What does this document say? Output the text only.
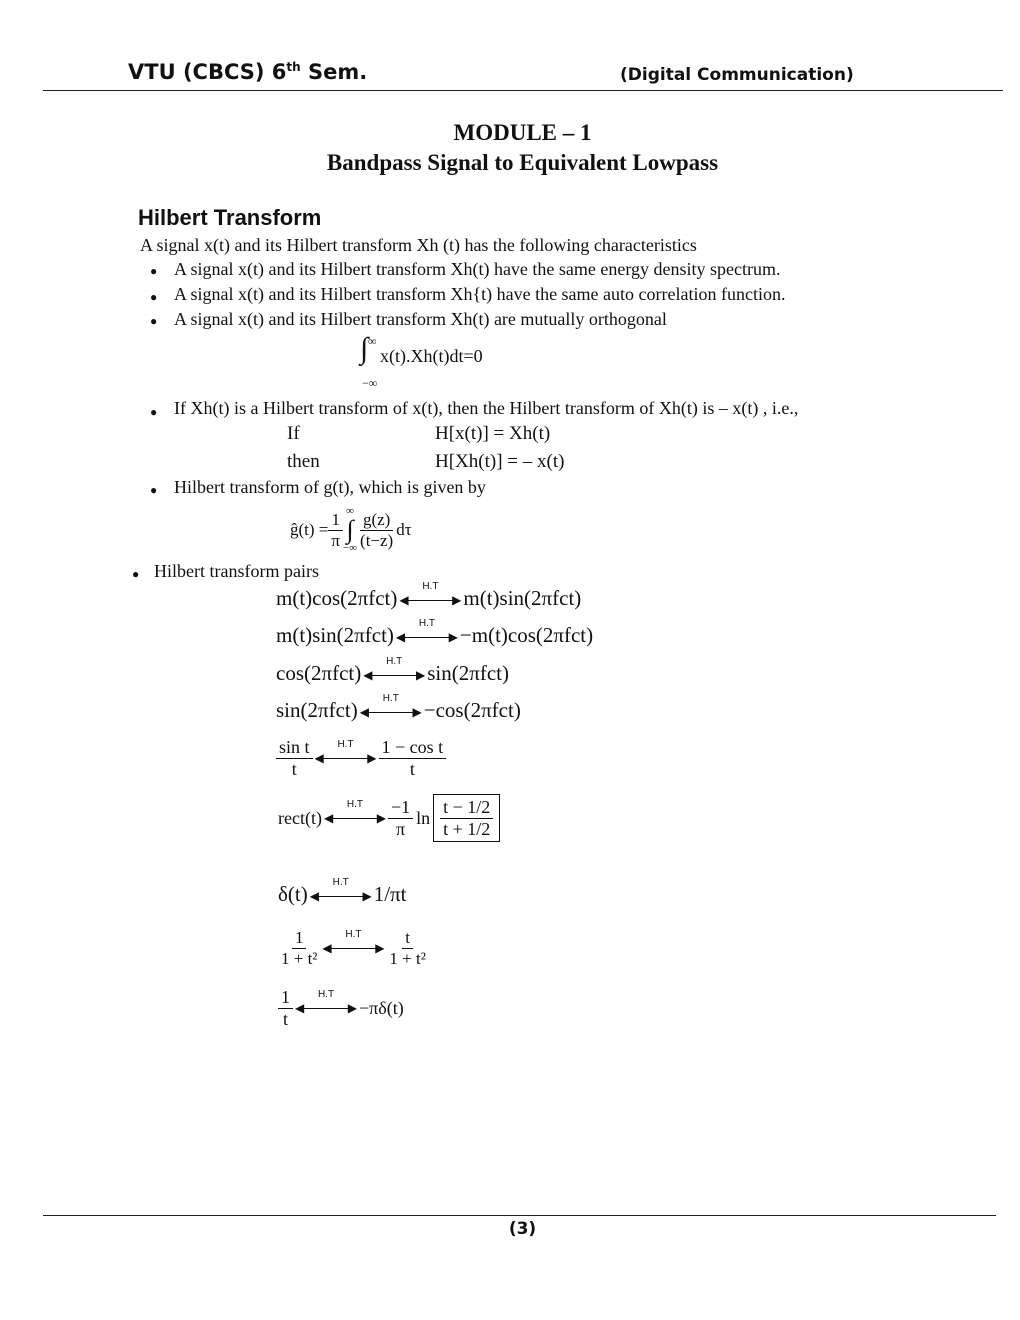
VTU (CBCS) 6th Sem.	(Digital Communication)
MODULE – 1
Bandpass Signal to Equivalent Lowpass
Hilbert Transform
A signal x(t) and its Hilbert transform Xh (t) has the following characteristics
● A signal x(t) and its Hilbert transform Xh(t) have the same energy density spectrum.
● A signal x(t) and its Hilbert transform Xh{t) have the same auto correlation function.
● A signal x(t) and its Hilbert transform Xh(t) are mutually orthogonal
∫ ∞
−∞
x(t).Xh(t)dt=0
● If Xh(t) is a Hilbert transform of x(t), then the Hilbert transform of Xh(t) is – x(t) , i.e.,
If	H[x(t)] = Xh(t)
then	H[Xh(t)] = – x(t)
● Hilbert transform of g(t), which is given by
ĝ(t) = $\frac{1}{\pi}$ ∞
∫
−∞ $\frac{g(z)}{(t-z)}$ dτ
● Hilbert transform pairs
m(t)cos(2πfct) ◀	▶
H.T	m(t)sin(2πfct)
m(t)sin(2πfct) ◀	▶
H.T	−m(t)cos(2πfct)
cos(2πfct) ◀	▶
H.T	sin(2πfct)
sin(2πfct) ◀	▶
H.T	−cos(2πfct)
$\frac{\text{sin t}}{t}$ ◀	▶
H.T	$\frac{\text{1 − cos t}}{t}$
rect(t) ◀	▶
H.T	$\frac{-1}{\pi}$ $\ln \frac{t - 1/2}{t + 1/2}$
δ(t) ◀	▶
H.T	1/πt
$\frac{1}{\text{1 + t²}}$ ◀	▶
H.T	$\frac{t}{\text{1 + t²}}$
$\frac{1}{t}$ ◀	▶
H.T
−πδ(t)
(3)
